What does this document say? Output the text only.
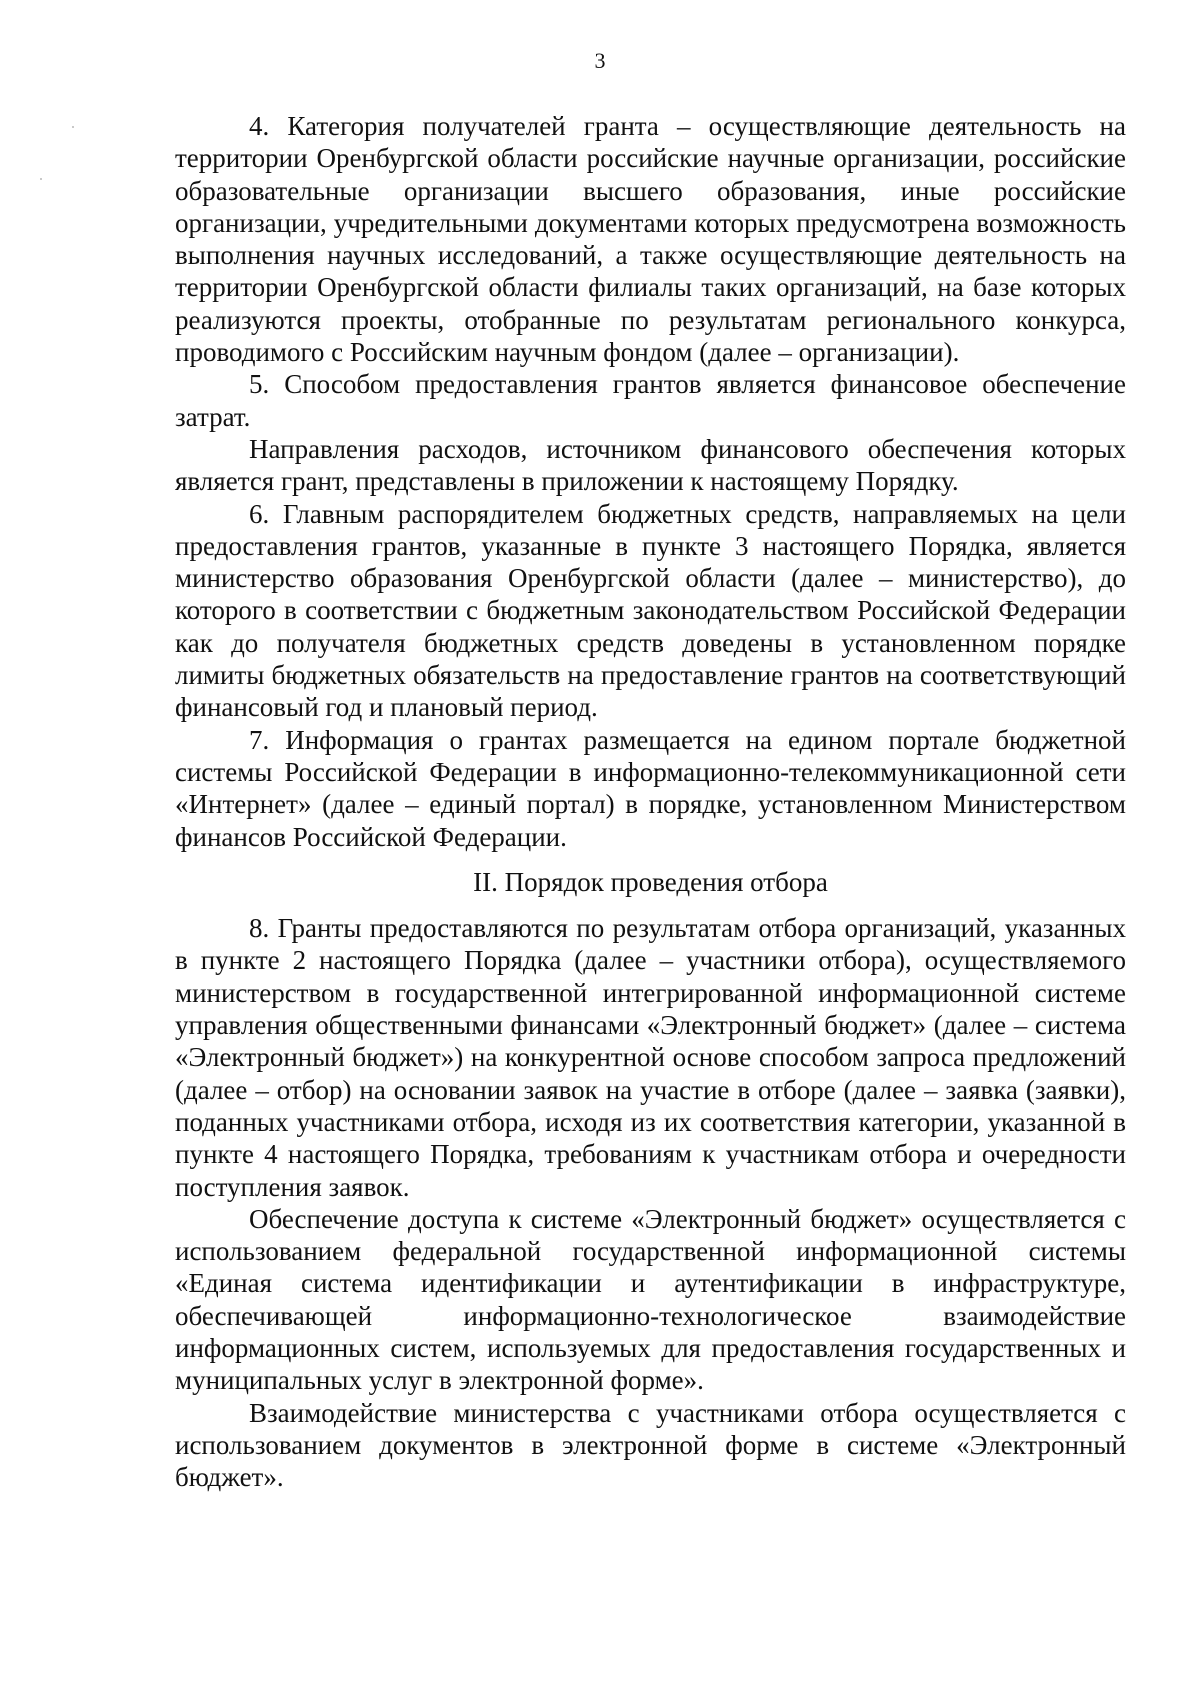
3

4. Категория получателей гранта – осуществляющие деятельность на территории Оренбургской области российские научные организации, российские образовательные организации высшего образования, иные российские организации, учредительными документами которых предусмотрена возможность выполнения научных исследований, а также осуществляющие деятельность на территории Оренбургской области филиалы таких организаций, на базе которых реализуются проекты, отобранные по результатам регионального конкурса, проводимого с Российским научным фондом (далее – организации).

5. Способом предоставления грантов является финансовое обеспечение затрат.

Направления расходов, источником финансового обеспечения которых является грант, представлены в приложении к настоящему Порядку.

6. Главным распорядителем бюджетных средств, направляемых на цели предоставления грантов, указанные в пункте 3 настоящего Порядка, является министерство образования Оренбургской области (далее – министерство), до которого в соответствии с бюджетным законодательством Российской Федерации как до получателя бюджетных средств доведены в установленном порядке лимиты бюджетных обязательств на предоставление грантов на соответствующий финансовый год и плановый период.

7. Информация о грантах размещается на едином портале бюджетной системы Российской Федерации в информационно-телекоммуникационной сети «Интернет» (далее – единый портал) в порядке, установленном Министерством финансов Российской Федерации.

II. Порядок проведения отбора

8. Гранты предоставляются по результатам отбора организаций, указанных в пункте 2 настоящего Порядка (далее – участники отбора), осуществляемого министерством в государственной интегрированной информационной системе управления общественными финансами «Электронный бюджет» (далее – система «Электронный бюджет») на конкурентной основе способом запроса предложений (далее – отбор) на основании заявок на участие в отборе (далее – заявка (заявки), поданных участниками отбора, исходя из их соответствия категории, указанной в пункте 4 настоящего Порядка, требованиям к участникам отбора и очередности поступления заявок.

Обеспечение доступа к системе «Электронный бюджет» осуществляется с использованием федеральной государственной информационной системы «Единая система идентификации и аутентификации в инфраструктуре, обеспечивающей информационно-технологическое взаимодействие информационных систем, используемых для предоставления государственных и муниципальных услуг в электронной форме».

Взаимодействие министерства с участниками отбора осуществляется с использованием документов в электронной форме в системе «Электронный бюджет».
